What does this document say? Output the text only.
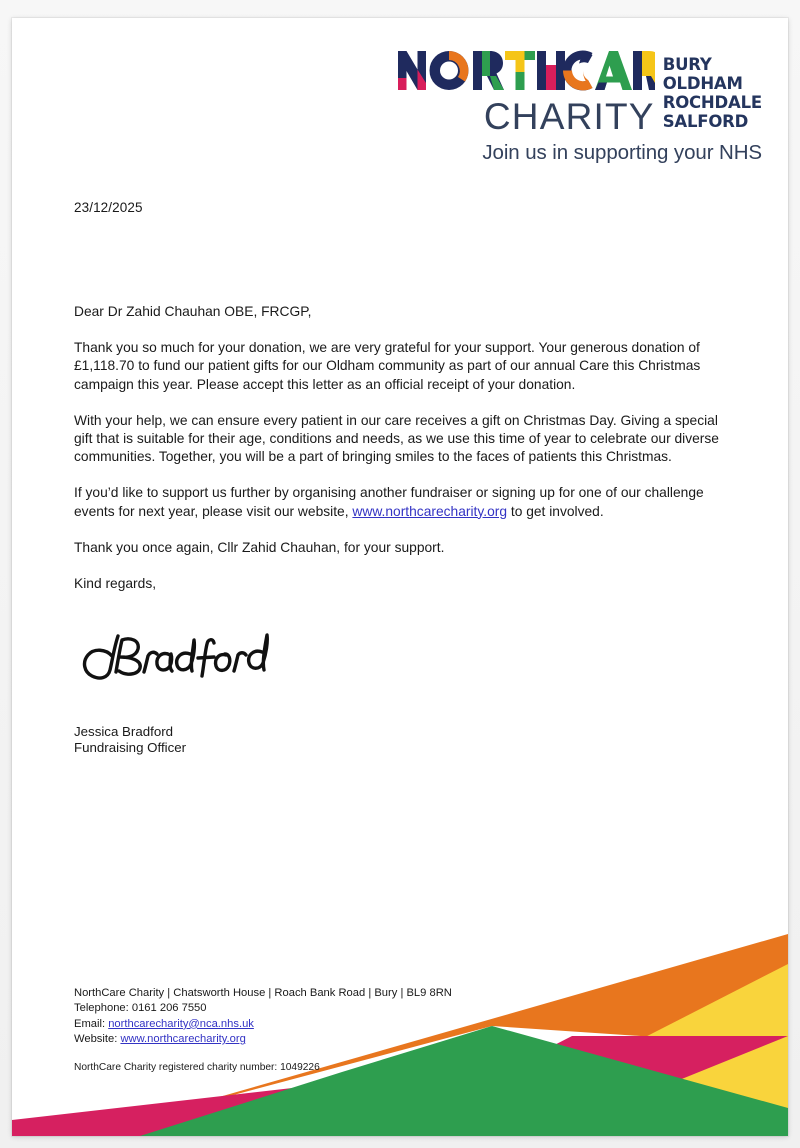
CHARITY
BURY
OLDHAM
ROCHDALE
SALFORD
Join us in supporting your NHS
23/12/2025

Dear Dr Zahid Chauhan OBE, FRCGP,

Thank you so much for your donation, we are very grateful for your support. Your generous donation of £1,118.70 to fund our patient gifts for our Oldham community as part of our annual Care this Christmas campaign this year. Please accept this letter as an official receipt of your donation.

With your help, we can ensure every patient in our care receives a gift on Christmas Day. Giving a special gift that is suitable for their age, conditions and needs, as we use this time of year to celebrate our diverse communities. Together, you will be a part of bringing smiles to the faces of patients this Christmas.

If you’d like to support us further by organising another fundraiser or signing up for one of our challenge events for next year, please visit our website, www.northcarecharity.org to get involved.

Thank you once again, Cllr Zahid Chauhan, for your support.

Kind regards,

Jessica Bradford
Fundraising Officer
NorthCare Charity | Chatsworth House | Roach Bank Road | Bury | BL9 8RN
Telephone: 0161 206 7550
Email: northcarecharity@nca.nhs.uk
Website: www.northcarecharity.org
NorthCare Charity registered charity number: 1049226
